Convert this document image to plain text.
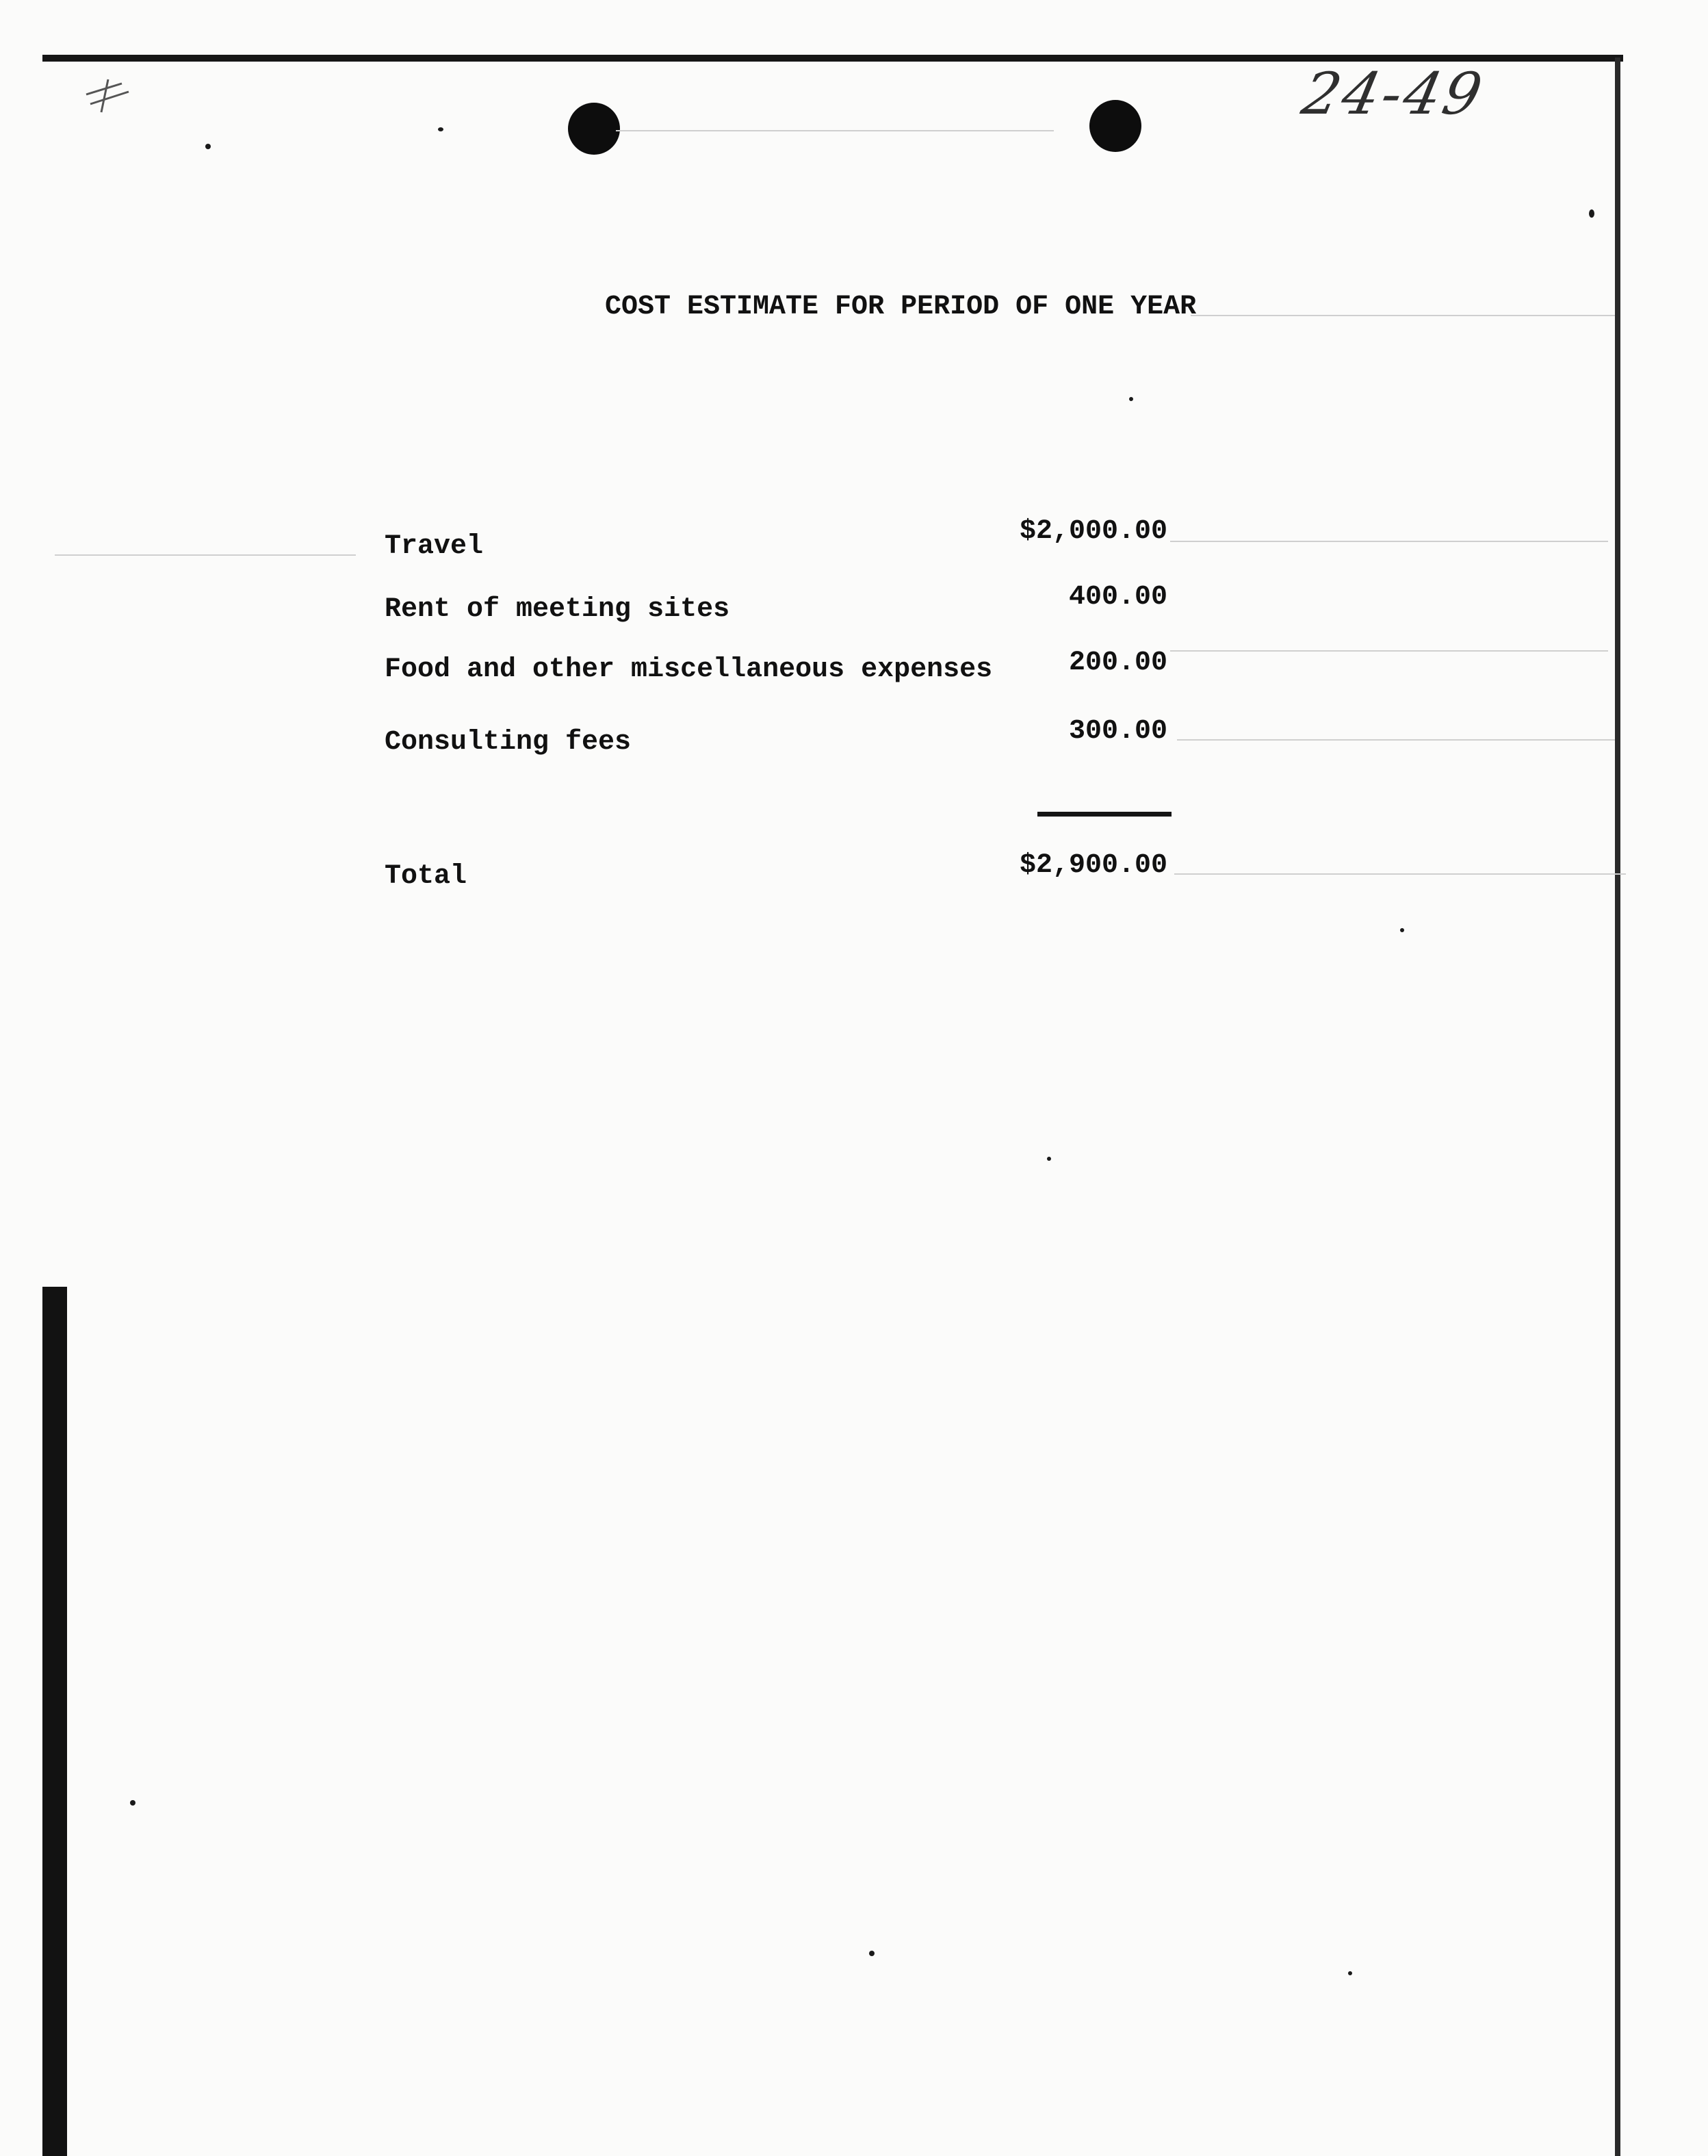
24-49
COST ESTIMATE FOR PERIOD OF ONE YEAR
Travel	$2,000.00
Rent of meeting sites	400.00
Food and other miscellaneous expenses	200.00
Consulting fees	300.00
Total	$2,900.00
